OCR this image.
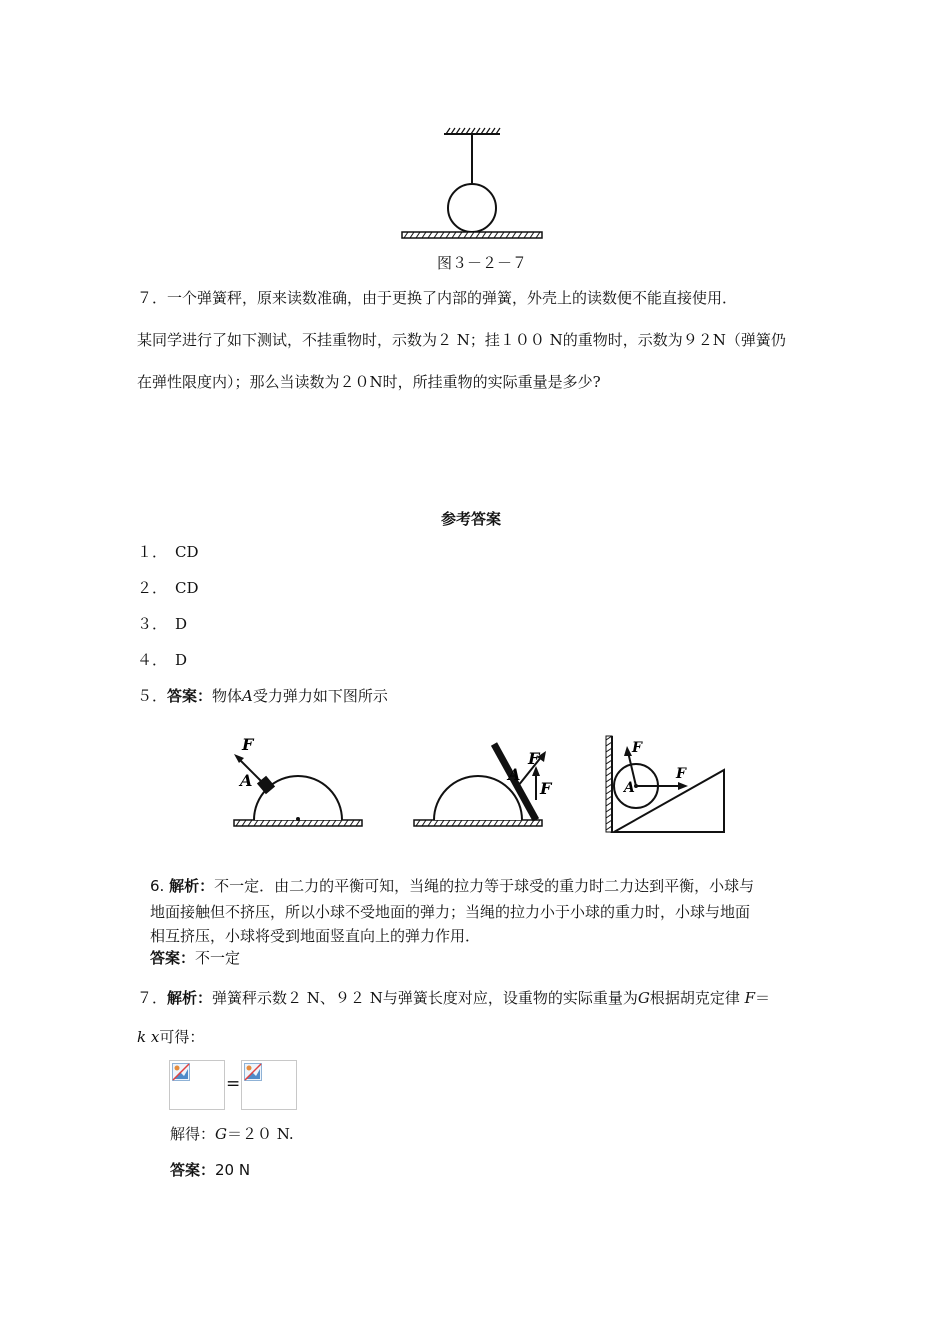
图３－２－７
７．一个弹簧秤，原来读数准确，由于更换了内部的弹簧，外壳上的读数便不能直接使用．
某同学进行了如下测试，不挂重物时，示数为２ N；挂１００ N的重物时，示数为９２N（弹簧仍
在弹性限度内）；那么当读数为２０N时，所挂重物的实际重量是多少?
参考答案
１． CD
２． CD
３． D
４． D
５．答案：物体A受力弹力如下图所示
F
A
F
A
F
F
F
A
6. 解析：不一定．由二力的平衡可知，当绳的拉力等于球受的重力时二力达到平衡，小球与
地面接触但不挤压，所以小球不受地面的弹力；当绳的拉力小于小球的重力时，小球与地面
相互挤压，小球将受到地面竖直向上的弹力作用．
答案：不一定
７．解析：弹簧秤示数２ N、９２ N与弹簧长度对应，设重物的实际重量为G根据胡克定律 F＝
k x可得：
=
解得：G＝２０ N.
答案：20 N
